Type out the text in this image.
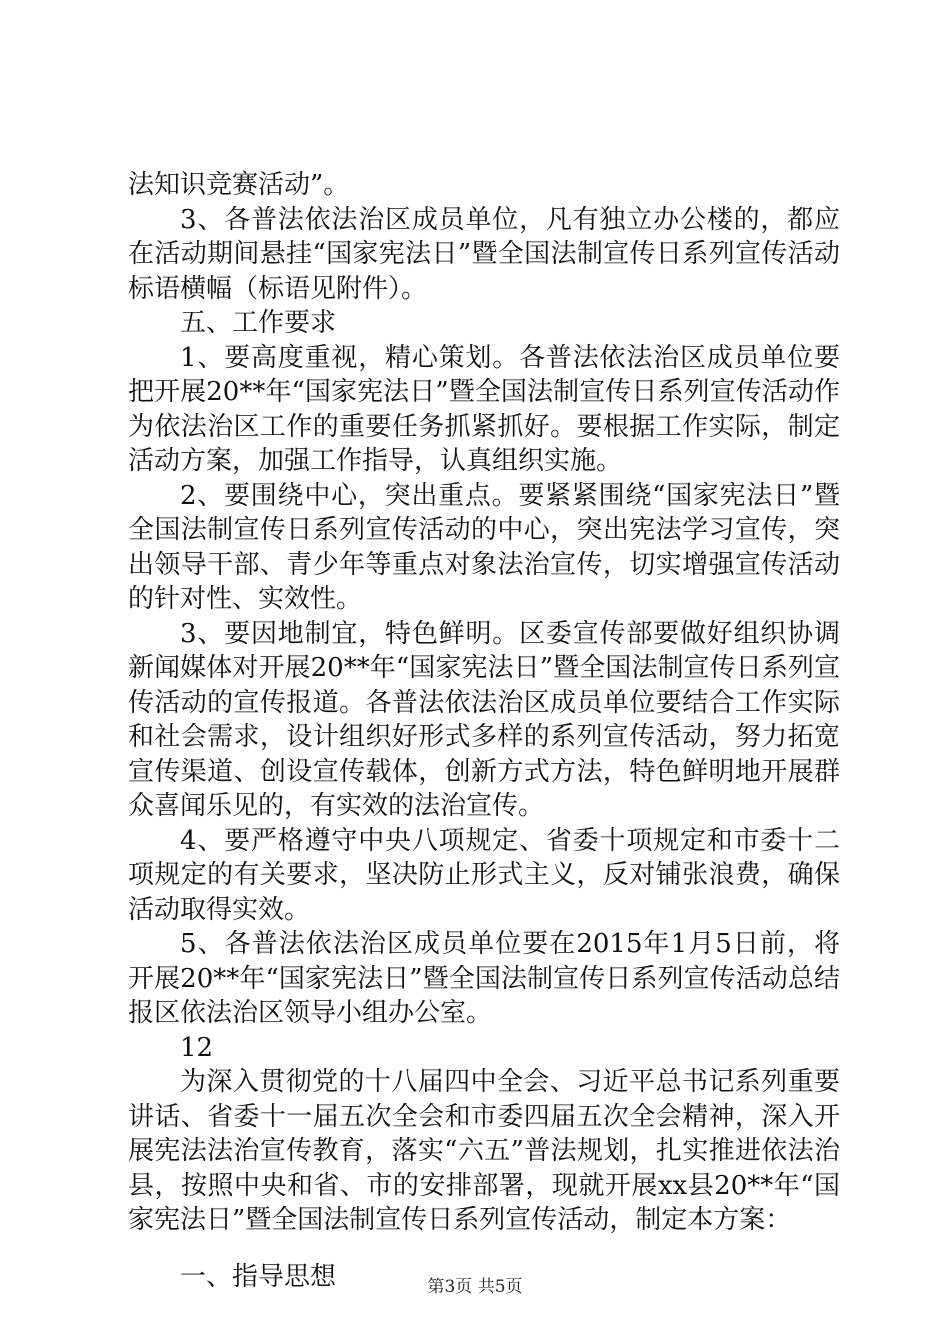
法知识竞赛活动”。

3、各普法依法治区成员单位，凡有独立办公楼的，都应在活动期间悬挂“国家宪法日”暨全国法制宣传日系列宣传活动标语横幅（标语见附件）。

五、工作要求

1、要高度重视，精心策划。各普法依法治区成员单位要把开展20**年“国家宪法日”暨全国法制宣传日系列宣传活动作为依法治区工作的重要任务抓紧抓好。要根据工作实际，制定活动方案，加强工作指导，认真组织实施。

2、要围绕中心，突出重点。要紧紧围绕“国家宪法日”暨全国法制宣传日系列宣传活动的中心，突出宪法学习宣传，突出领导干部、青少年等重点对象法治宣传，切实增强宣传活动的针对性、实效性。

3、要因地制宜，特色鲜明。区委宣传部要做好组织协调新闻媒体对开展20**年“国家宪法日”暨全国法制宣传日系列宣传活动的宣传报道。各普法依法治区成员单位要结合工作实际和社会需求，设计组织好形式多样的系列宣传活动，努力拓宽宣传渠道、创设宣传载体，创新方式方法，特色鲜明地开展群众喜闻乐见的，有实效的法治宣传。

4、要严格遵守中央八项规定、省委十项规定和市委十二项规定的有关要求，坚决防止形式主义，反对铺张浪费，确保活动取得实效。

5、各普法依法治区成员单位要在2015年1月5日前，将开展20**年“国家宪法日”暨全国法制宣传日系列宣传活动总结报区依法治区领导小组办公室。

12

为深入贯彻党的十八届四中全会、习近平总书记系列重要讲话、省委十一届五次全会和市委四届五次全会精神，深入开展宪法法治宣传教育，落实“六五”普法规划，扎实推进依法治县，按照中央和省、市的安排部署，现就开展xx县20**年“国家宪法日”暨全国法制宣传日系列宣传活动，制定本方案：

一、指导思想	第3页 共5页
